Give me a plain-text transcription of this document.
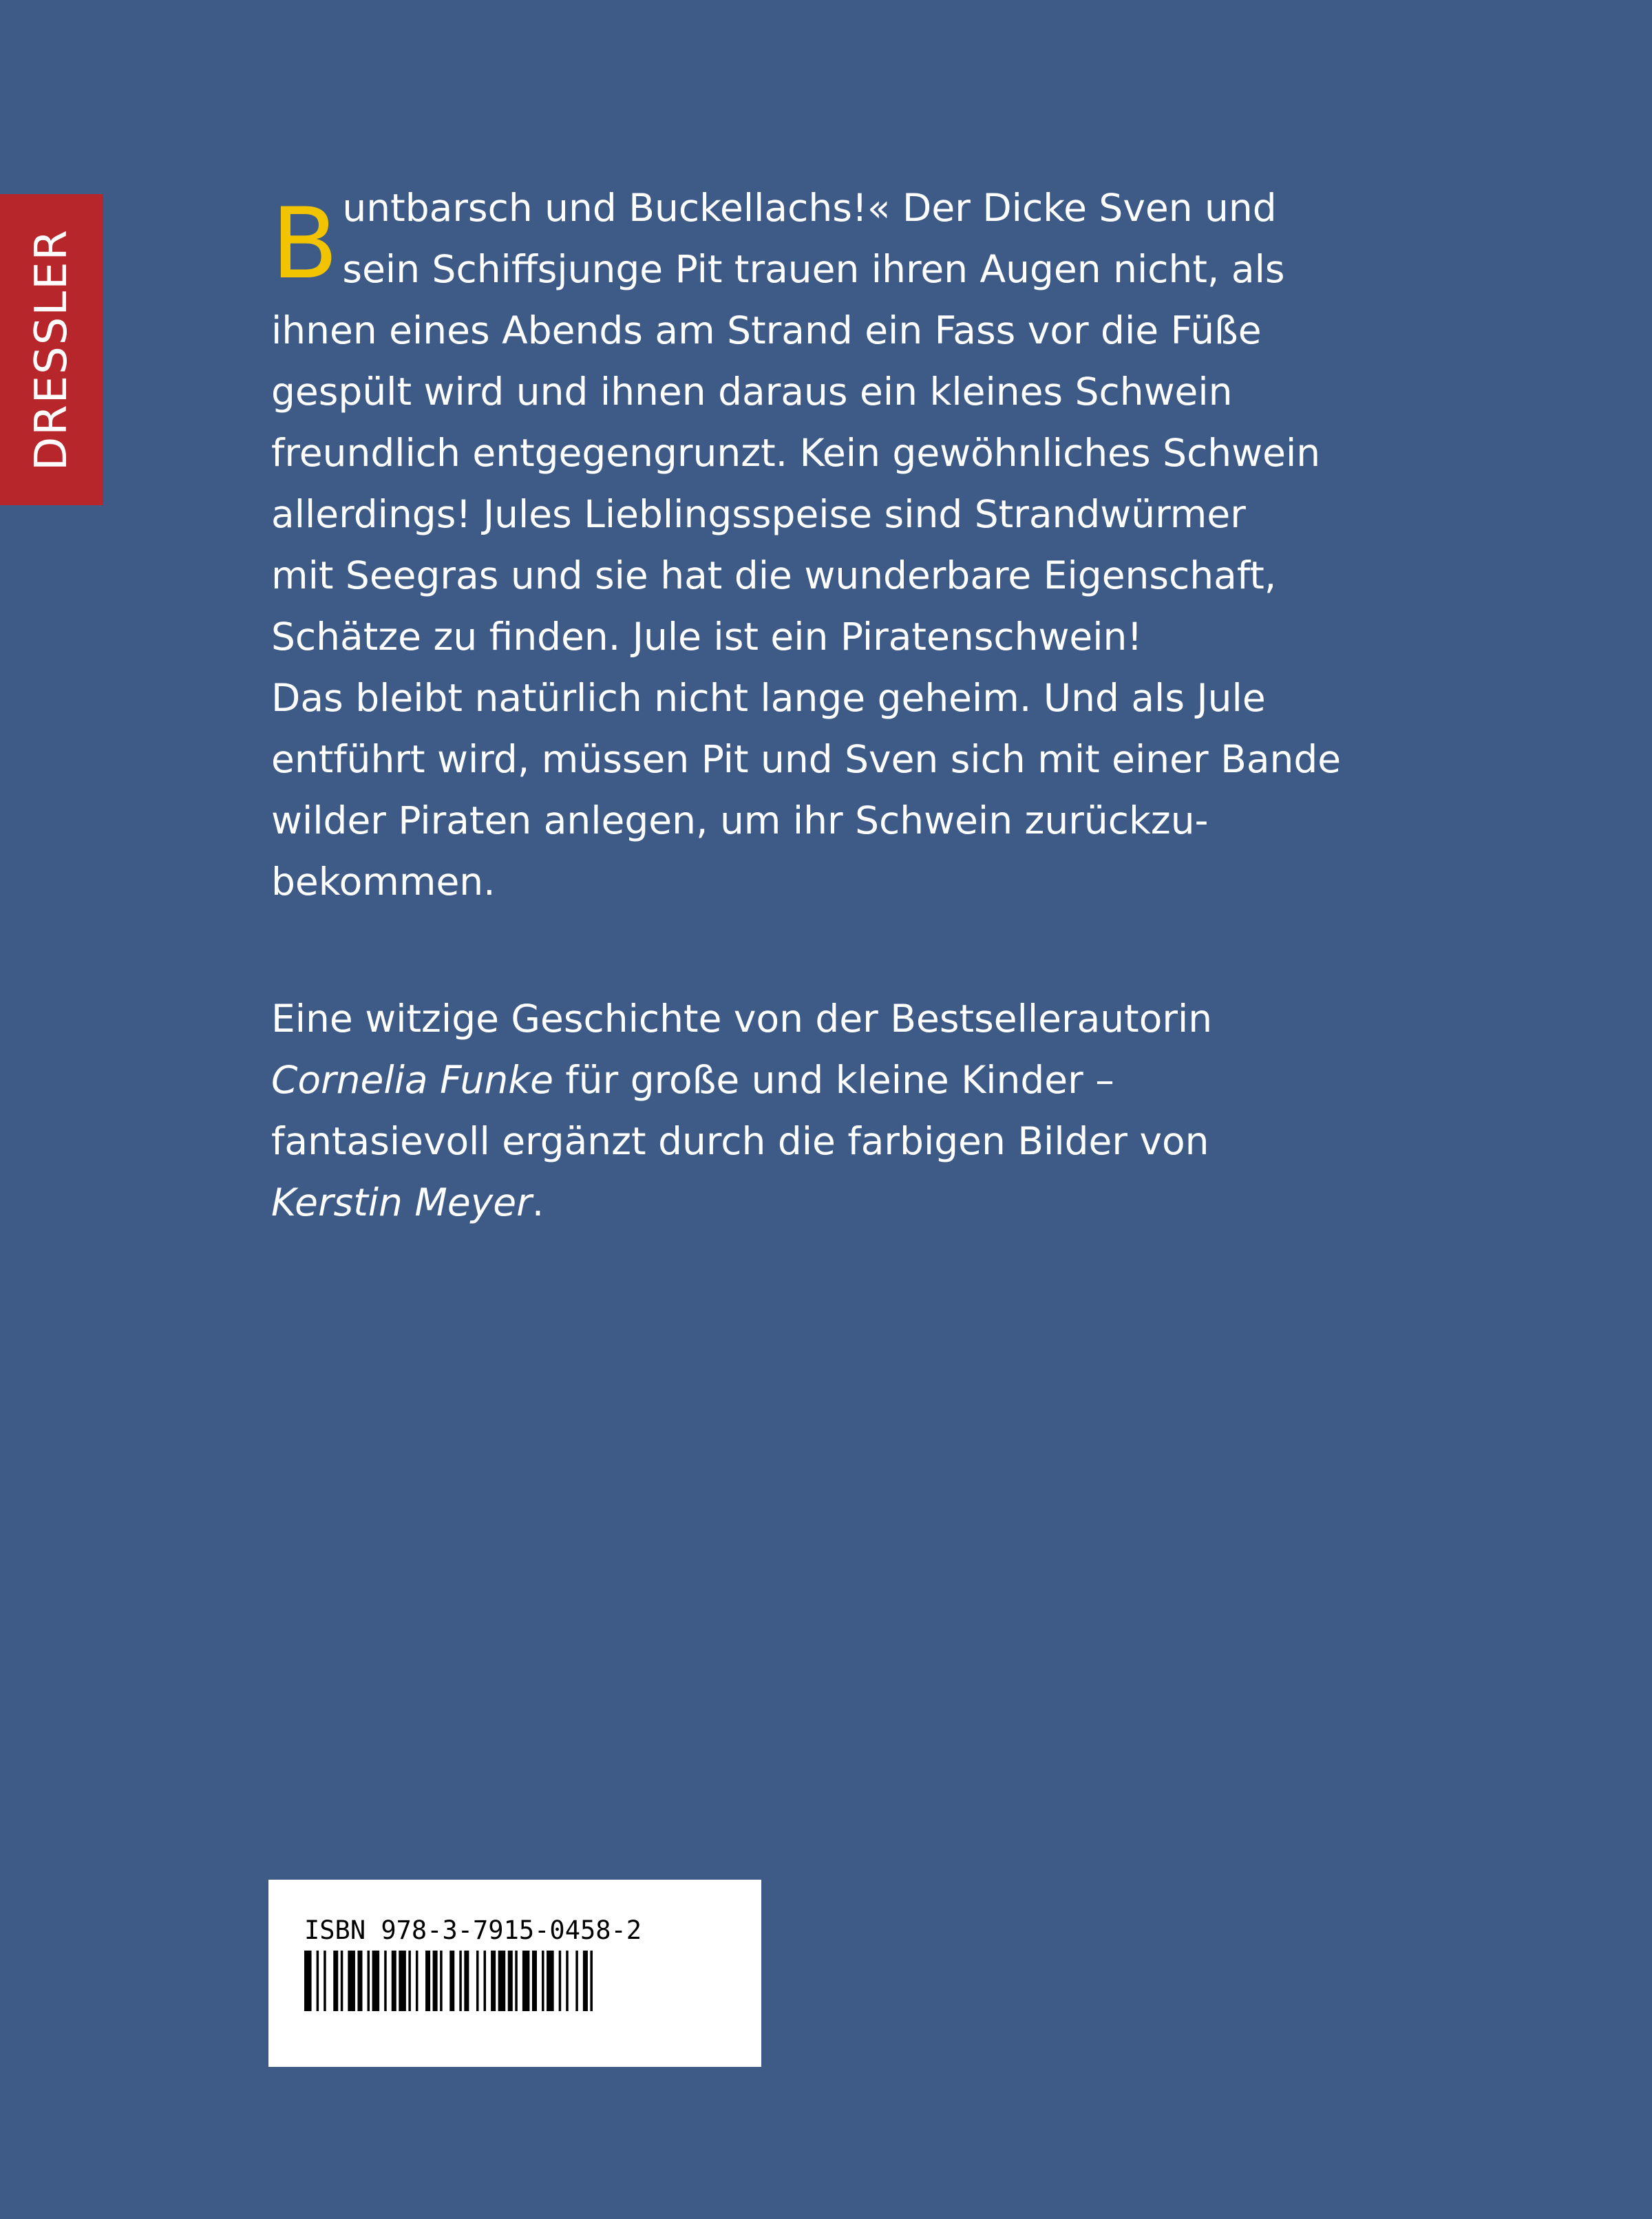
DRESSLER B untbarsch und Buckellachs!« Der Dicke Sven und
sein Schiffsjunge Pit trauen ihren Augen nicht, als
ihnen eines Abends am Strand ein Fass vor die Füße
gespült wird und ihnen daraus ein kleines Schwein
freundlich entgegengrunzt. Kein gewöhnliches Schwein
allerdings! Jules Lieblingsspeise sind Strandwürmer
mit Seegras und sie hat die wunderbare Eigenschaft,
Schätze zu finden. Jule ist ein Piratenschwein!
Das bleibt natürlich nicht lange geheim. Und als Jule
entführt wird, müssen Pit und Sven sich mit einer Bande
wilder Piraten anlegen, um ihr Schwein zurückzu-
bekommen.
Eine witzige Geschichte von der Bestsellerautorin
Cornelia Funke für große und kleine Kinder –
fantasievoll ergänzt durch die farbigen Bilder von
Kerstin Meyer.
ISBN 978-3-7915-0458-2
